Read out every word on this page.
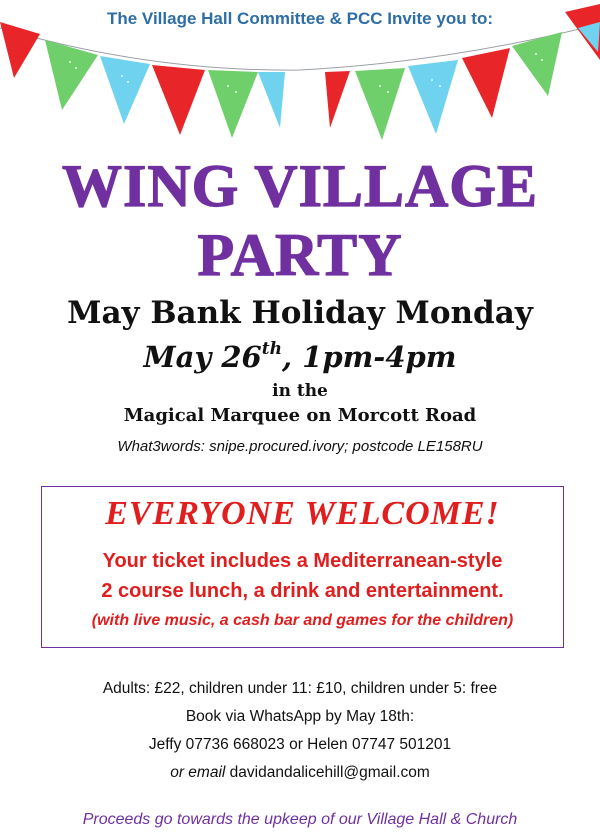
The Village Hall Committee & PCC Invite you to:
WING VILLAGE
PARTY
May Bank Holiday Monday
May 26th, 1pm-4pm
in the
Magical Marquee on Morcott Road
What3words: snipe.procured.ivory; postcode LE158RU
EVERYONE WELCOME!
Your ticket includes a Mediterranean-style
2 course lunch, a drink and entertainment.
(with live music, a cash bar and games for the children)
Adults: £22, children under 11: £10, children under 5: free
Book via WhatsApp by May 18th:
Jeffy 07736 668023 or Helen 07747 501201
or email davidandalicehill@gmail.com
Proceeds go towards the upkeep of our Village Hall & Church
